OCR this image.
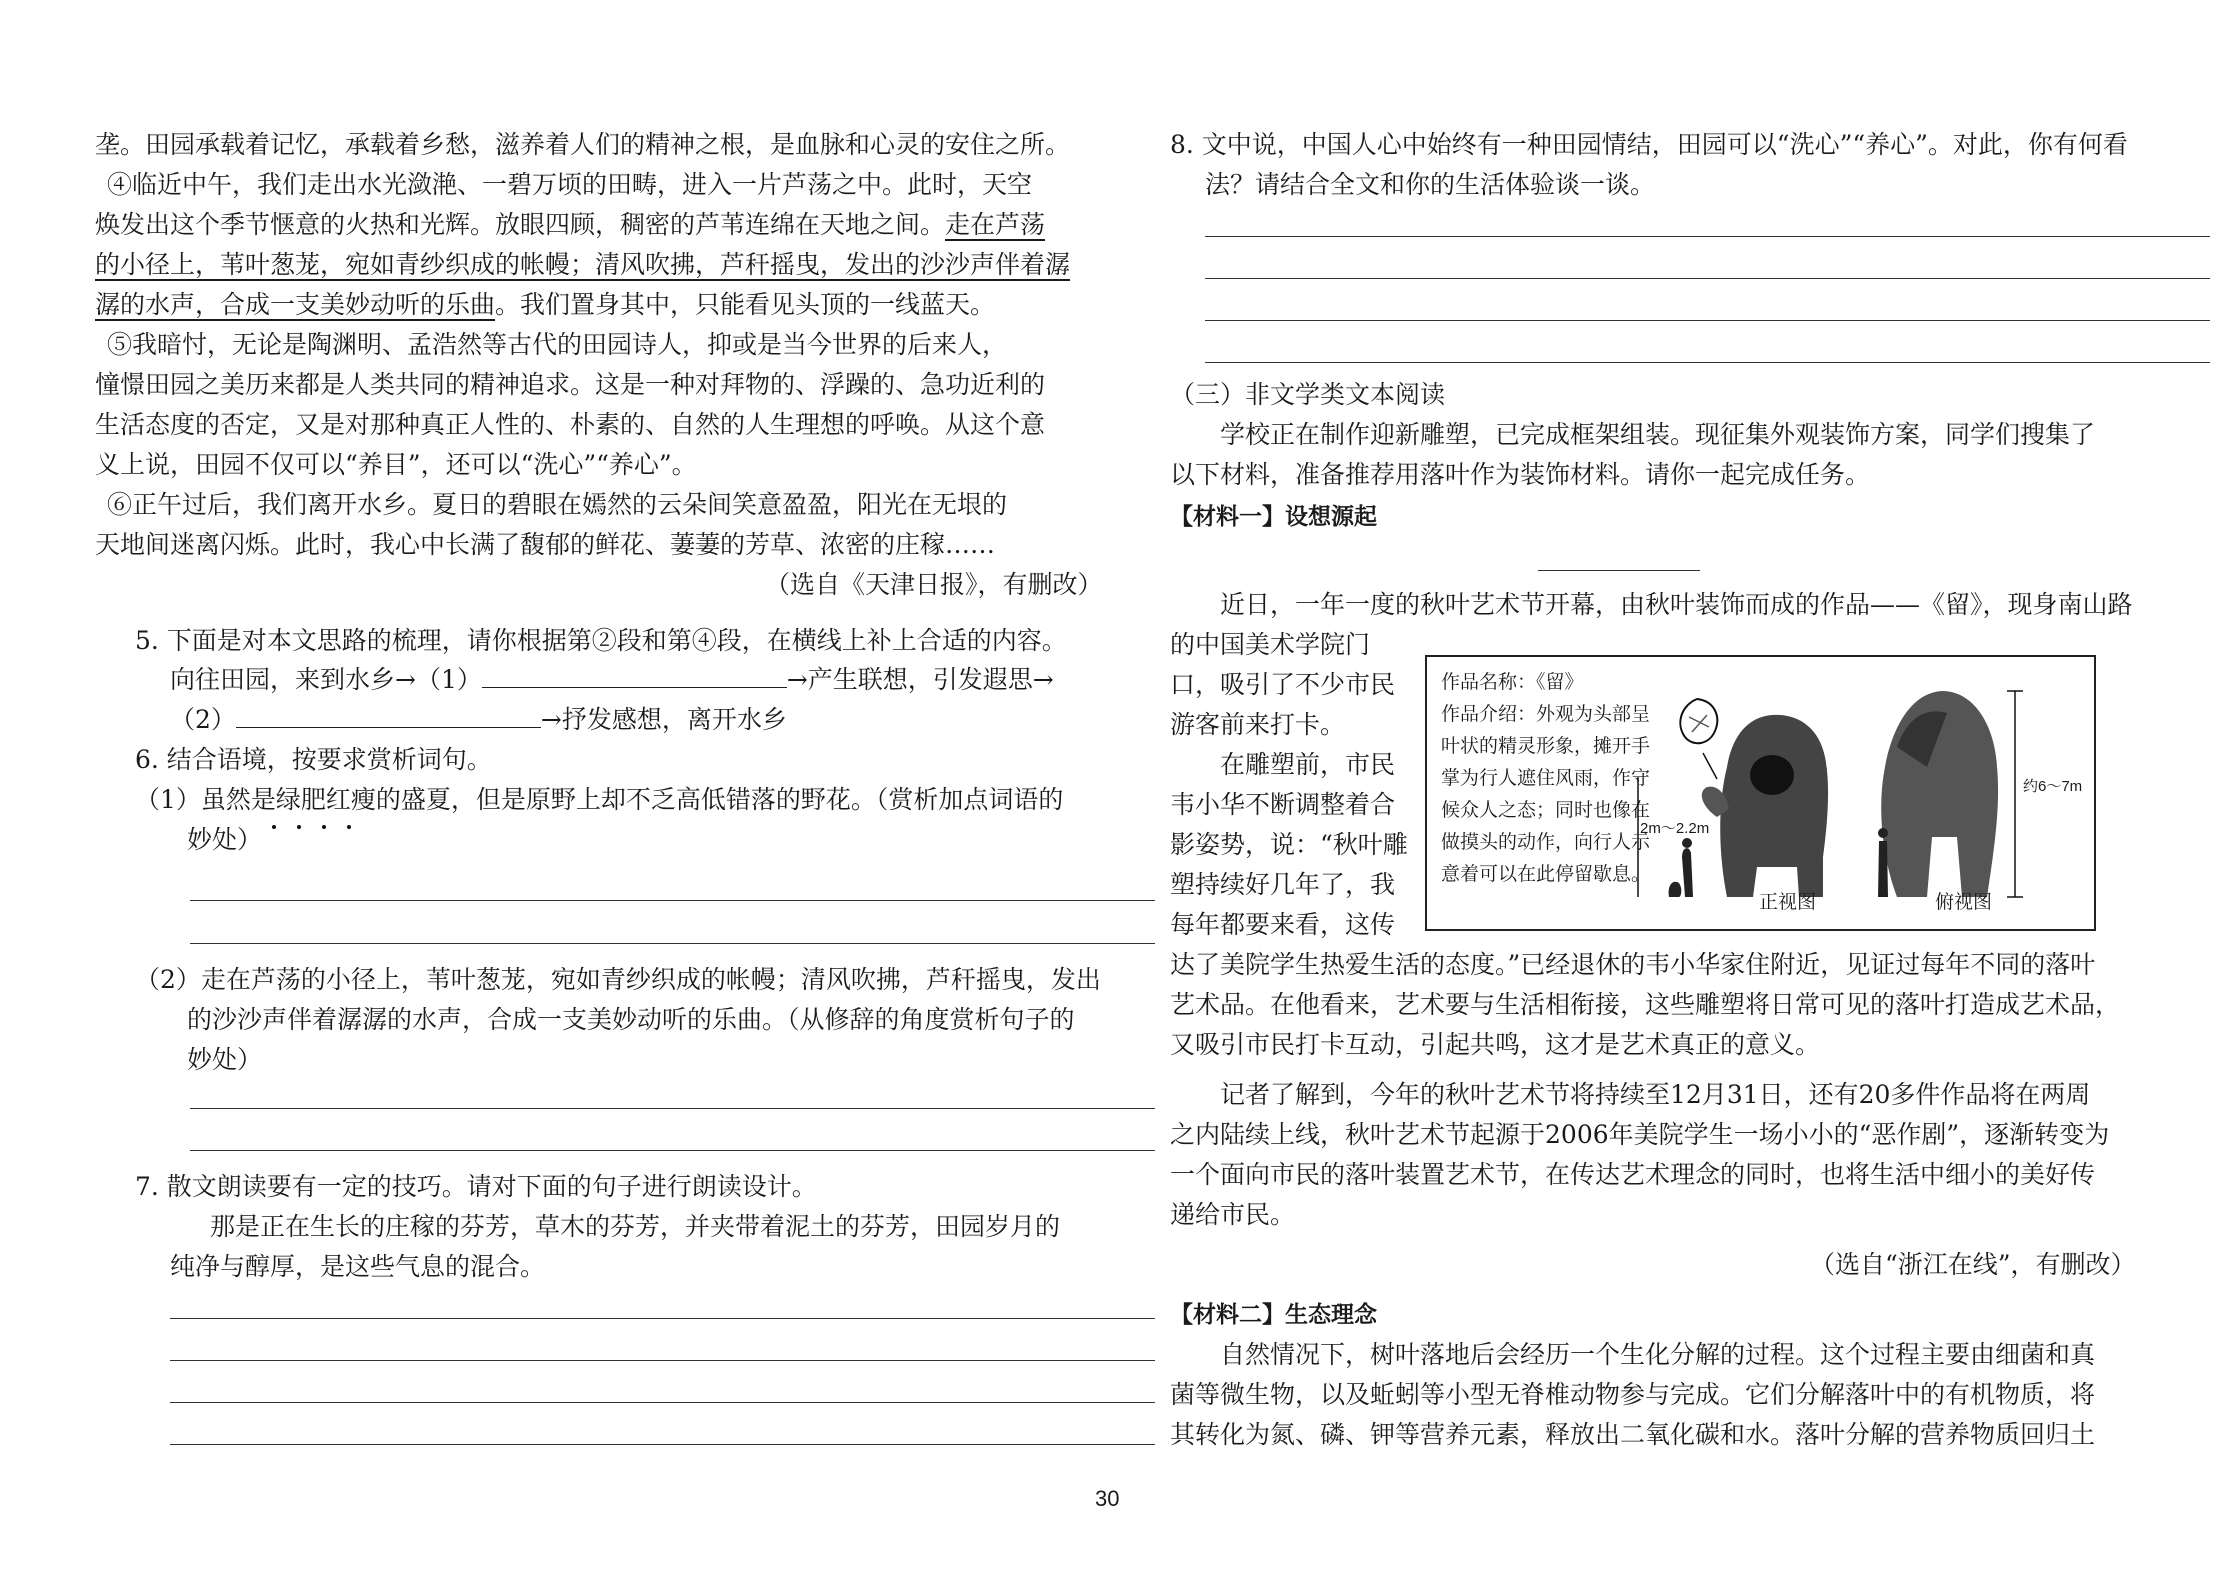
垄。田园承载着记忆，承载着乡愁，滋养着人们的精神之根，是血脉和心灵的安住之所。
④临近中午，我们走出水光潋滟、一碧万顷的田畴，进入一片芦荡之中。此时，天空
焕发出这个季节惬意的火热和光辉。放眼四顾，稠密的芦苇连绵在天地之间。走在芦荡
的小径上，苇叶葱茏，宛如青纱织成的帐幔；清风吹拂，芦秆摇曳，发出的沙沙声伴着潺
潺的水声，合成一支美妙动听的乐曲。我们置身其中，只能看见头顶的一线蓝天。
⑤我暗忖，无论是陶渊明、孟浩然等古代的田园诗人，抑或是当今世界的后来人，
憧憬田园之美历来都是人类共同的精神追求。这是一种对拜物的、浮躁的、急功近利的
生活态度的否定，又是对那种真正人性的、朴素的、自然的人生理想的呼唤。从这个意
义上说，田园不仅可以“养目”，还可以“洗心”“养心”。
⑥正午过后，我们离开水乡。夏日的碧眼在嫣然的云朵间笑意盈盈，阳光在无垠的
天地间迷离闪烁。此时，我心中长满了馥郁的鲜花、萋萋的芳草、浓密的庄稼……
（选自《天津日报》，有删改）
5. 下面是对本文思路的梳理，请你根据第②段和第④段，在横线上补上合适的内容。
向往田园，来到水乡→（1）	→产生联想，引发遐思→
（2）	→抒发感想，离开水乡
6. 结合语境，按要求赏析词句。
（1）虽然是绿肥红瘦的盛夏，但是原野上却不乏高低错落的野花。（赏析加点词语的
妙处）
（2）走在芦荡的小径上，苇叶葱茏，宛如青纱织成的帐幔；清风吹拂，芦秆摇曳，发出
的沙沙声伴着潺潺的水声，合成一支美妙动听的乐曲。（从修辞的角度赏析句子的
妙处）
7. 散文朗读要有一定的技巧。请对下面的句子进行朗读设计。
那是正在生长的庄稼的芬芳，草木的芬芳，并夹带着泥土的芬芳，田园岁月的
纯净与醇厚，是这些气息的混合。
8. 文中说，中国人心中始终有一种田园情结，田园可以“洗心”“养心”。对此，你有何看
法？请结合全文和你的生活体验谈一谈。
（三）非文学类文本阅读
学校正在制作迎新雕塑，已完成框架组装。现征集外观装饰方案，同学们搜集了
以下材料，准备推荐用落叶作为装饰材料。请你一起完成任务。
【材料一】设想源起
近日，一年一度的秋叶艺术节开幕，由秋叶装饰而成的作品——《留》，现身南山路
的中国美术学院门
口，吸引了不少市民
游客前来打卡。
在雕塑前，市民
韦小华不断调整着合
影姿势，说：“秋叶雕
塑持续好几年了，我
每年都要来看，这传
达了美院学生热爱生活的态度。”已经退休的韦小华家住附近，见证过每年不同的落叶
艺术品。在他看来，艺术要与生活相衔接，这些雕塑将日常可见的落叶打造成艺术品，
又吸引市民打卡互动，引起共鸣，这才是艺术真正的意义。
记者了解到，今年的秋叶艺术节将持续至12月31日，还有20多件作品将在两周
之内陆续上线，秋叶艺术节起源于2006年美院学生一场小小的“恶作剧”，逐渐转变为
一个面向市民的落叶装置艺术节，在传达艺术理念的同时，也将生活中细小的美好传
递给市民。
（选自“浙江在线”，有删改）
【材料二】生态理念
自然情况下，树叶落地后会经历一个生化分解的过程。这个过程主要由细菌和真
菌等微生物，以及蚯蚓等小型无脊椎动物参与完成。它们分解落叶中的有机物质，将
其转化为氮、磷、钾等营养元素，释放出二氧化碳和水。落叶分解的营养物质回归土
作品名称：《留》
作品介绍：外观为头部呈
叶状的精灵形象，摊开手
掌为行人遮住风雨，作守
候众人之态；同时也像在
做摸头的动作，向行人示
意着可以在此停留歇息。
2m～2.2m
约6～7m
正视图	俯视图
30
